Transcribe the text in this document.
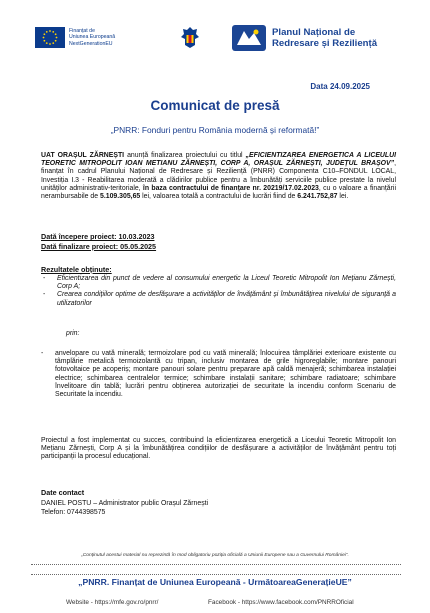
Finanțat de
Uniunea Europeană
NextGenerationEU
Planul Național de
Redresare și Reziliență
Data 24.09.2025
Comunicat de presă
„PNRR: Fonduri pentru România modernă și reformată!”
UAT ORAȘUL ZĂRNEȘTI anunță finalizarea proiectului cu titlul „EFICIENTIZAREA ENERGETICA A LICEULUI TEORETIC MITROPOLIT IOAN METIANU ZĂRNEȘTI, CORP A, ORAȘUL ZĂRNEȘTI, JUDEȚUL BRAȘOV”, finanțat în cadrul Planului Național de Redresare și Reziliență (PNRR) Componenta C10–FONDUL LOCAL, Investiția I.3 - Reabilitarea moderată a clădirilor publice pentru a îmbunătăți serviciile publice prestate la nivelul unităților administrativ-teritoriale, în baza contractului de finanțare nr. 20219/17.02.2023, cu o valoare a finanțării nerambursabile de 5.109.305,65 lei, valoarea totală a contractului de lucrări fiind de 6.241.752,87 lei.
Dată începere proiect: 10.03.2023
Dată finalizare proiect: 05.05.2025
Rezultatele obținute:
-	Eficientizarea din punct de vedere al consumului energetic la Liceul Teoretic Mitropolit Ion Mețianu Zărnești, Corp A;
-	Crearea condițiilor optime de desfășurare a activităților de învățământ și îmbunătățirea nivelului de siguranță a utilizatorilor
prin:
-	anvelopare cu vată minerală; termoizolare pod cu vată minerală; înlocuirea tâmplăriei exterioare existente cu tâmplărie metalică termoizolantă cu tripan, inclusiv montarea de grile higroreglabile; montare panouri fotovoltaice pe acoperiș; montare panouri solare pentru preparare apă caldă menajeră; schimbarea instalației electrice; schimbarea centralelor termice; schimbare instalații sanitare; schimbare radiatoare; schimbare învelitoare din tablă; lucrări pentru obținerea autorizației de securitate la incendiu conform Scenariu de Securitate la incendiu.
Proiectul a fost implementat cu succes, contribuind la eficientizarea energetică a Liceului Teoretic Mitropolit Ion Mețianu Zărnești, Corp A și la îmbunătățirea condițiilor de desfășurare a activităților de învățământ pentru toți participanții la procesul educațional.
Date contact
DANIEL POSTU – Administrator public Orașul Zărnești
Telefon: 0744398575
„Conținutul acestui material nu reprezintă în mod obligatoriu poziția oficială a Uniunii Europene sau a Guvernului României”.
„PNRR. Finanțat de Uniunea Europeană - UrmătoareaGenerațieUE”
Website - https://mfe.gov.ro/pnrr/	Facebook - https://www.facebook.com/PNRROficial
